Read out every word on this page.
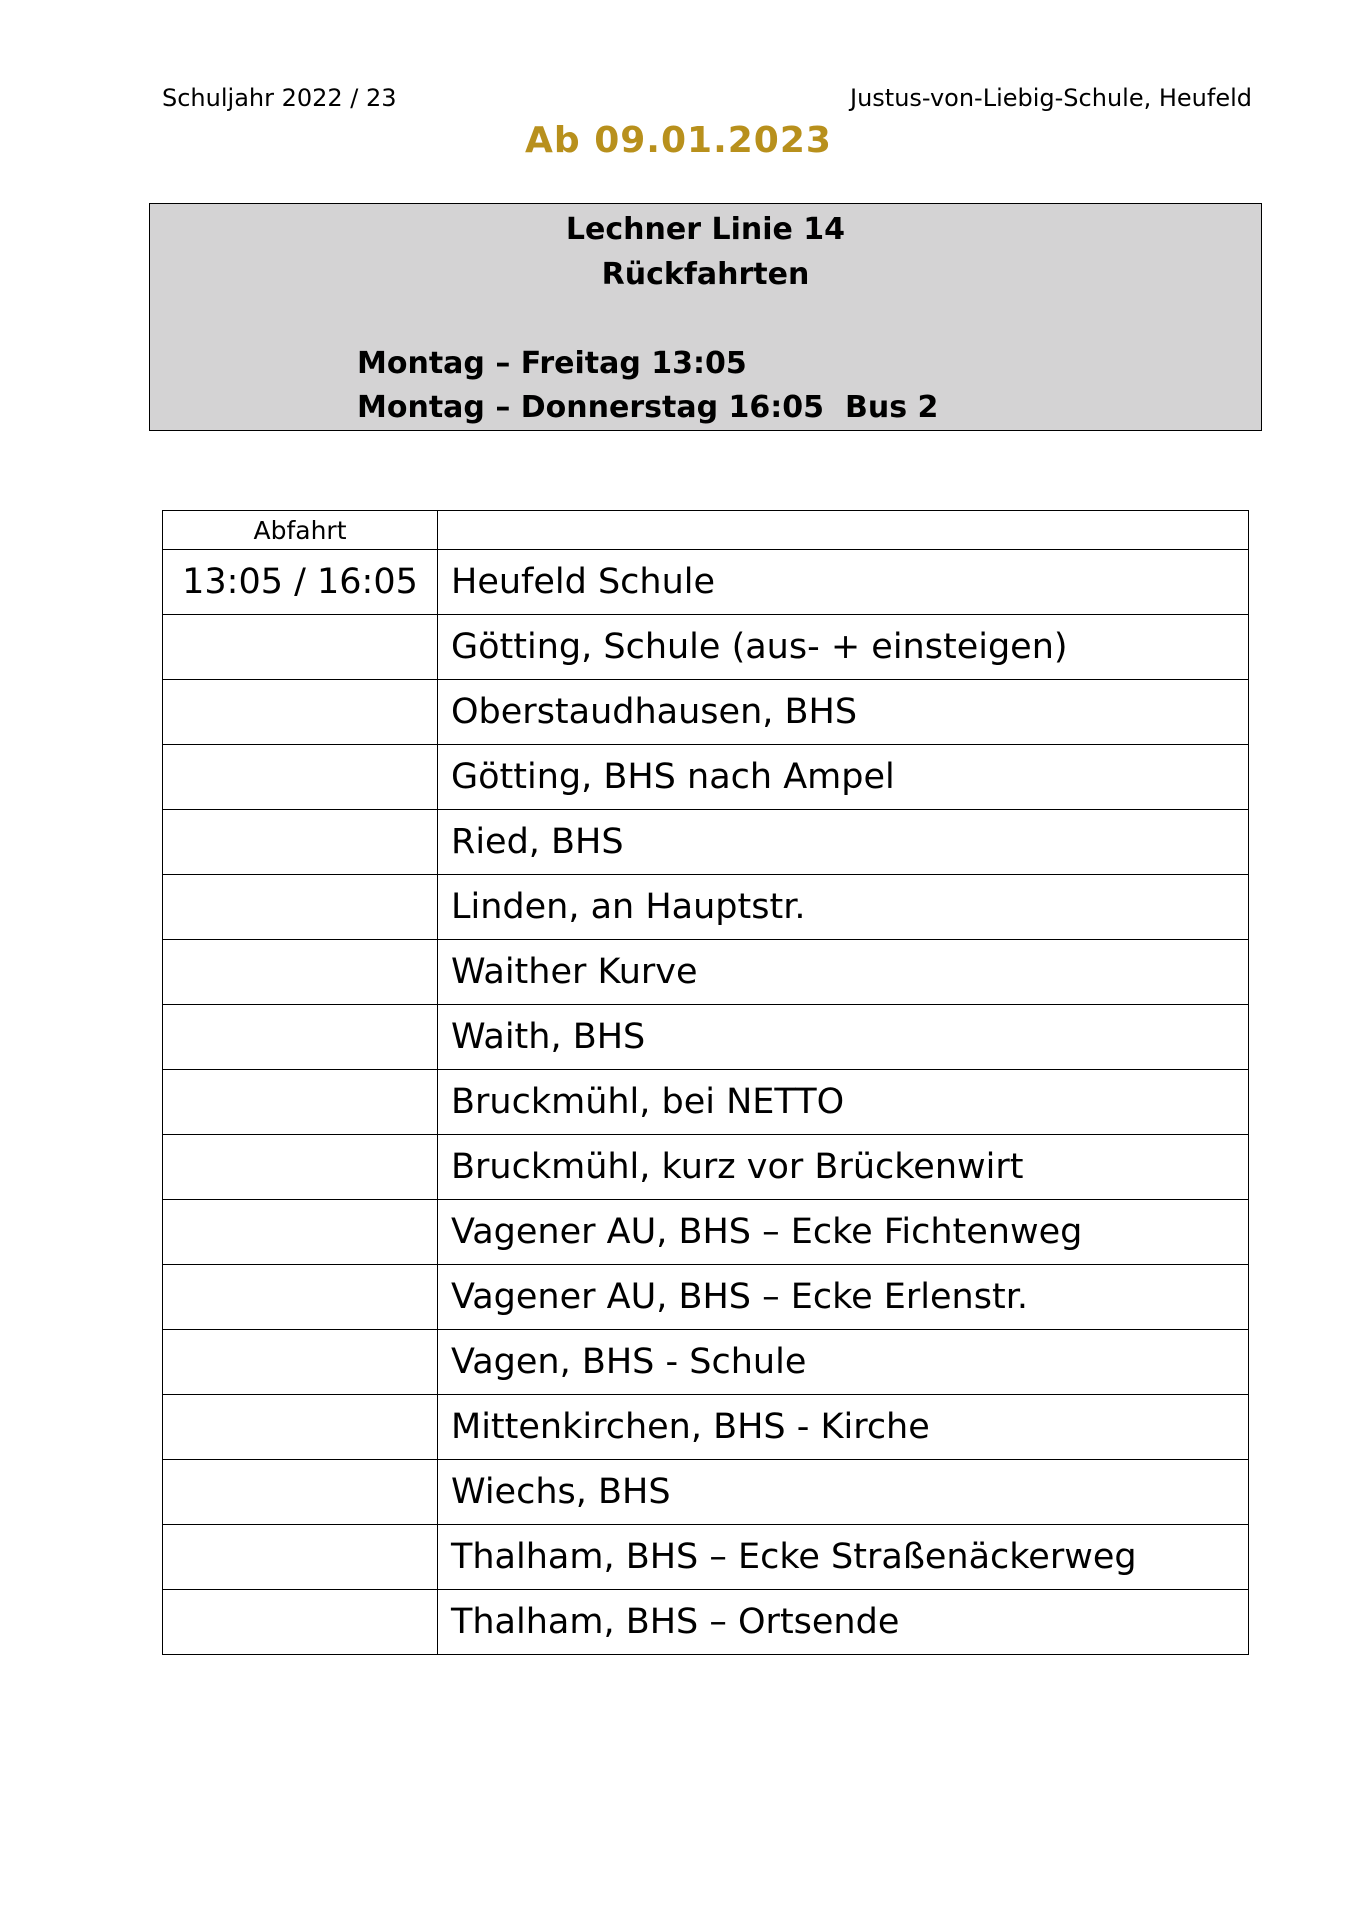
Schuljahr 2022 / 23	Justus-von-Liebig-Schule, Heufeld
Ab 09.01.2023
Lechner Linie 14
Rückfahrten
Montag – Freitag 13:05
Montag – Donnerstag 16:05 Bus 2
Abfahrt	
13:05 / 16:05	Heufeld Schule
	Götting, Schule (aus- + einsteigen)
	Oberstaudhausen, BHS
	Götting, BHS nach Ampel
	Ried, BHS
	Linden, an Hauptstr.
	Waither Kurve
	Waith, BHS
	Bruckmühl, bei NETTO
	Bruckmühl, kurz vor Brückenwirt
	Vagener AU, BHS – Ecke Fichtenweg
	Vagener AU, BHS – Ecke Erlenstr.
	Vagen, BHS - Schule
	Mittenkirchen, BHS - Kirche
	Wiechs, BHS
	Thalham, BHS – Ecke Straßenäckerweg
	Thalham, BHS – Ortsende
